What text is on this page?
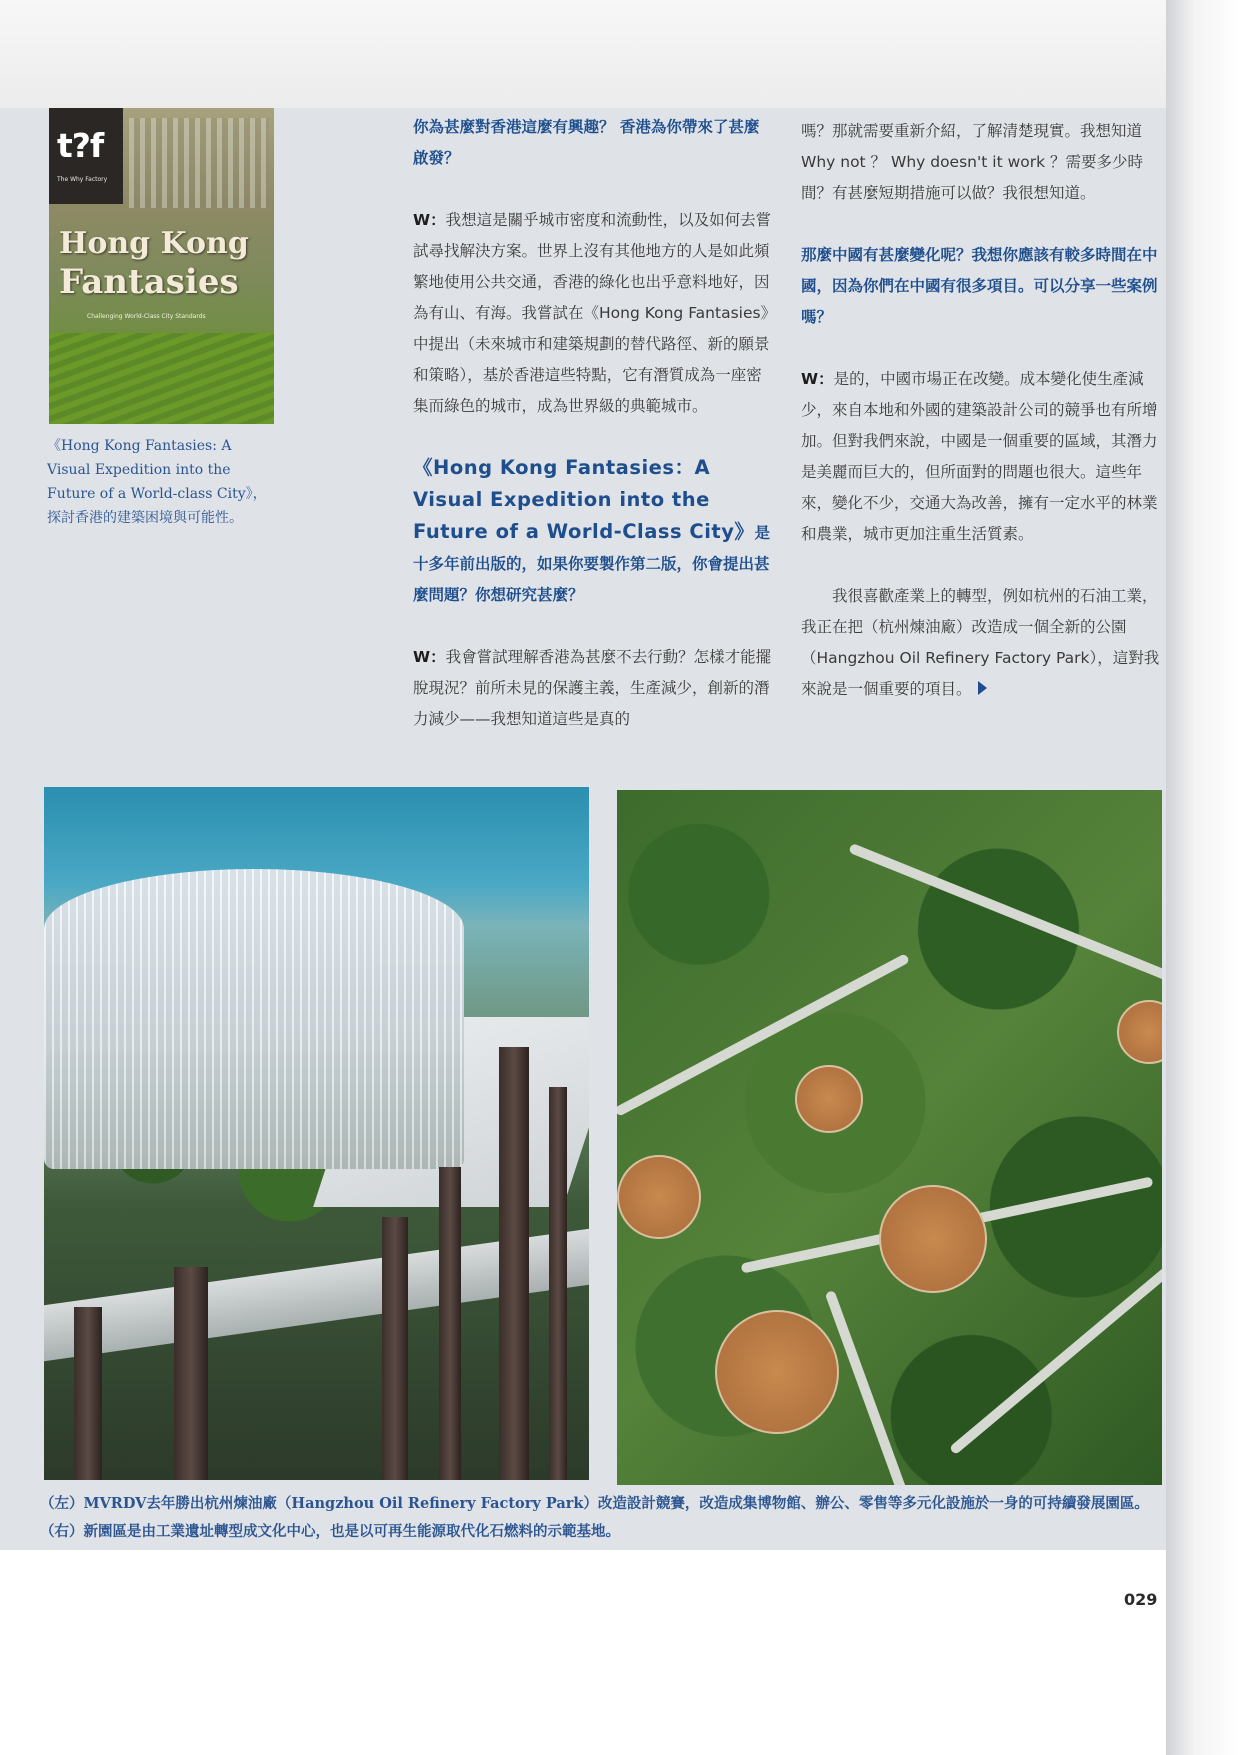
t?f
The Why Factory
Hong Kong
Fantasies
Challenging World-Class City Standards
《Hong Kong Fantasies: A Visual Expedition into the Future of a World-class City》，探討香港的建築困境與可能性。

你為甚麼對香港這麼有興趣？ 香港為你帶來了甚麼啟發？

W：我想這是關乎城市密度和流動性，以及如何去嘗試尋找解決方案。世界上沒有其他地方的人是如此頻繁地使用公共交通，香港的綠化也出乎意料地好，因為有山、有海。我嘗試在《Hong Kong Fantasies》中提出（未來城市和建築規劃的替代路徑、新的願景和策略），基於香港這些特點，它有潛質成為一座密集而綠色的城市，成為世界級的典範城市。

《Hong Kong Fantasies：A Visual Expedition into the Future of a World-Class City》是十多年前出版的，如果你要製作第二版，你會提出甚麼問題？你想研究甚麼？

W：我會嘗試理解香港為甚麼不去行動？怎樣才能擺脫現況？前所未見的保護主義，生產減少，創新的潛力減少——我想知道這些是真的

嗎？那就需要重新介紹，了解清楚現實。我想知道Why not ？ Why doesn't it work ？需要多少時間？有甚麼短期措施可以做？我很想知道。

那麼中國有甚麼變化呢？我想你應該有較多時間在中國，因為你們在中國有很多項目。可以分享一些案例嗎？

W：是的，中國市場正在改變。成本變化使生產減少，來自本地和外國的建築設計公司的競爭也有所增加。但對我們來說，中國是一個重要的區域，其潛力是美麗而巨大的，但所面對的問題也很大。這些年來，變化不少，交通大為改善，擁有一定水平的林業和農業，城市更加注重生活質素。

我很喜歡產業上的轉型，例如杭州的石油工業，我正在把（杭州煉油廠）改造成一個全新的公園（Hangzhou Oil Refinery Factory Park），這對我來說是一個重要的項目。

（左）MVRDV去年勝出杭州煉油廠（Hangzhou Oil Refinery Factory Park）改造設計競賽，改造成集博物館、辦公、零售等多元化設施於一身的可持續發展園區。

（右）新園區是由工業遺址轉型成文化中心，也是以可再生能源取代化石燃料的示範基地。

029
